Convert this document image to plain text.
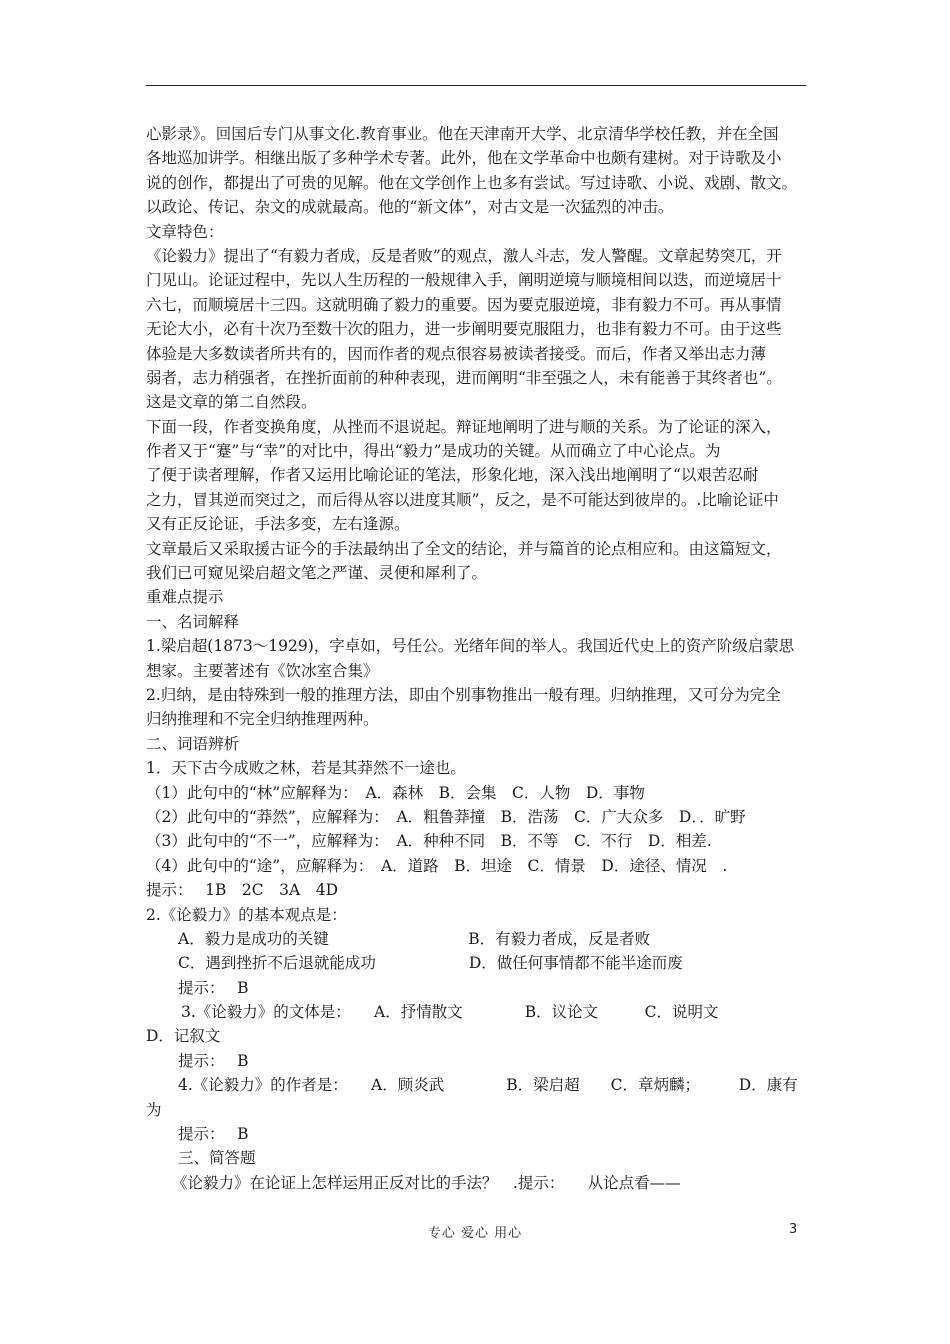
心影录》。回国后专门从事文化.教育事业。他在天津南开大学、北京清华学校任教，并在全国
各地巡加讲学。相继出版了多种学术专著。此外，他在文学革命中也颇有建树。对于诗歌及小
说的创作，都提出了可贵的见解。他在文学创作上也多有尝试。写过诗歌、小说、戏剧、散文。
以政论、传记、杂文的成就最高。他的“新文体”，对古文是一次猛烈的冲击。
文章特色：
《论毅力》提出了“有毅力者成，反是者败”的观点，激人斗志，发人警醒。文章起势突兀，开
门见山。论证过程中，先以人生历程的一般规律入手，阐明逆境与顺境相间以迭，而逆境居十
六七，而顺境居十三四。这就明确了毅力的重要。因为要克服逆境，非有毅力不可。再从事情
无论大小，必有十次乃至数十次的阻力，进一步阐明要克服阻力，也非有毅力不可。由于这些
体验是大多数读者所共有的，因而作者的观点很容易被读者接受。而后，作者又举出志力薄
弱者，志力稍强者，在挫折面前的种种表现，进而阐明“非至强之人，未有能善于其终者也”。
这是文章的第二自然段。
下面一段，作者变换角度，从挫而不退说起。辩证地阐明了进与顺的关系。为了论证的深入，
作者又于“蹇”与“幸”的对比中，得出“毅力”是成功的关键。从而确立了中心论点。为
了便于读者理解，作者又运用比喻论证的笔法，形象化地，深入浅出地阐明了“以艰苦忍耐
之力，冒其逆而突过之，而后得从容以进度其顺”，反之，是不可能达到彼岸的。.比喻论证中
又有正反论证，手法多变，左右逢源。
文章最后又采取援古证今的手法最纳出了全文的结论，并与篇首的论点相应和。由这篇短文，
我们已可窥见梁启超文笔之严谨、灵便和犀利了。
重难点提示
一、名词解释
1.梁启超(1873～1929)，字卓如，号任公。光绪年间的举人。我国近代史上的资产阶级启蒙思
想家。主要著述有《饮冰室合集》
2.归纳，是由特殊到一般的推理方法，即由个别事物推出一般有理。归纳推理，又可分为完全
归纳推理和不完全归纳推理两种。
二、词语辨析
1．天下古今成败之林，若是其莽然不一途也。
（1）此句中的“林”应解释为：　A．森林　B．会集　C．人物　D．事物
（2）此句中的“莽然”，应解释为：　A．粗鲁莽撞　B．浩荡　C．广大众多　D．．旷野
（3）此句中的“不一”，应解释为：　A．种种不同　B．不等　C．不行　D．相差.
（4）此句中的“途”，应解释为：　A．道路　B．坦途　C．情景　D．途径、情况　.
提示：　 1B　2C　3A　4D
2.《论毅力》的基本观点是：
A．毅力是成功的关键　　　　　　　　　B．有毅力者成，反是者败
C．遇到挫折不后退就能成功　　　　　　D．做任何事情都不能半途而废
提示：　 B
3.《论毅力》的文体是：　　A．抒情散文　　　　B．议论文　　　C．说明文
D．记叙文
提示：　 B
4.《论毅力》的作者是：　　A．顾炎武　　　　B．梁启超　　C．章炳麟；　　　D．康有
为
提示：　 B
三、简答题
《论毅力》在论证上怎样运用正反对比的手法？　.提示：　　从论点看——
专心 爱心 用心	3
